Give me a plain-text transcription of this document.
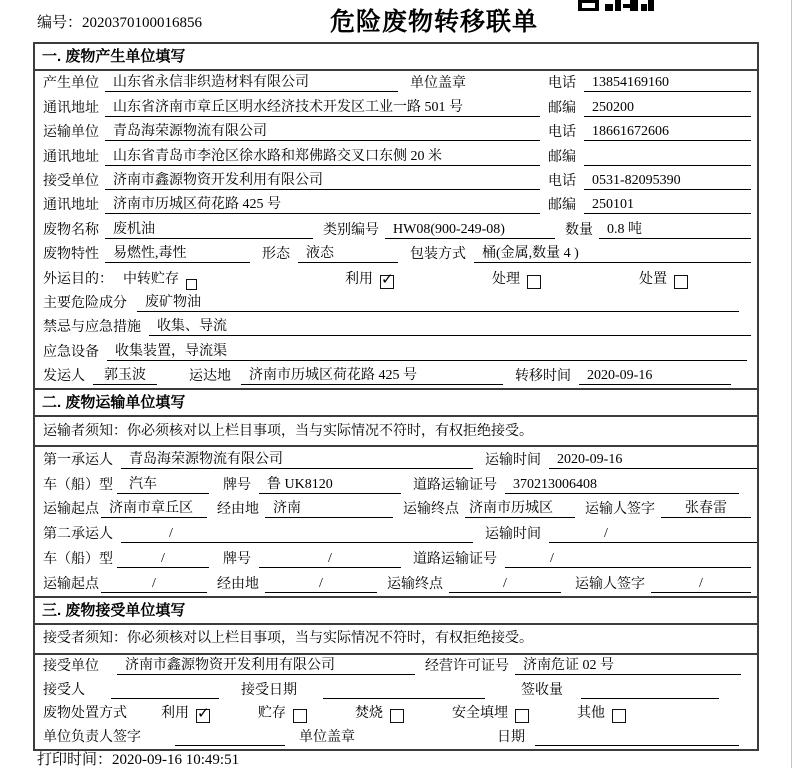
编号：2020370100016856	危险废物转移联单
一. 废物产生单位填写
产生单位	山东省永信非织造材料有限公司	单位盖章	电话	13854169160
通讯地址	山东省济南市章丘区明水经济技术开发区工业一路 501 号	邮编	250200
运输单位	青岛海荣源物流有限公司	电话	18661672606
通讯地址	山东省青岛市李沧区徐水路和郑佛路交叉口东侧 20 米	邮编
接受单位	济南市鑫源物资开发利用有限公司	电话	0531-82095390
通讯地址	济南市历城区荷花路 425 号	邮编	250101
废物名称	废机油	类别编号	HW08(900-249-08)	数量	0.8 吨
废物特性	易燃性,毒性	形态	液态	包装方式	桶(金属,数量 4 )
外运目的： 中转贮存	利用 ✓	处理	处置
主要危险成分	废矿物油
禁忌与应急措施	收集、导流
应急设备	收集装置，导流渠
发运人	郭玉波	运达地	济南市历城区荷花路 425 号	转移时间	2020-09-16
二. 废物运输单位填写
运输者须知： 你必须核对以上栏目事项，当与实际情况不符时，有权拒绝接受。
第一承运人	青岛海荣源物流有限公司	运输时间	2020-09-16
车（船）型	汽车	牌号	鲁 UK8120	道路运输证号	370213006408
运输起点 济南市章丘区	经由地	济南	运输终点 济南市历城区	运输人签字	张春雷
第二承运人	/	运输时间	/
车（船）型	/	牌号	/	道路运输证号	/
运输起点	/	经由地	/	运输终点	/	运输人签字	/
三. 废物接受单位填写
接受者须知： 你必须核对以上栏目事项，当与实际情况不符时，有权拒绝接受。
接受单位	济南市鑫源物资开发利用有限公司	经营许可证号	济南危证 02 号
接受人	接受日期	签收量
废物处置方式 利用 ✓	贮存	焚烧	安全填埋	其他
单位负责人签字	单位盖章	日期
打印时间：2020-09-16 10:49:51
